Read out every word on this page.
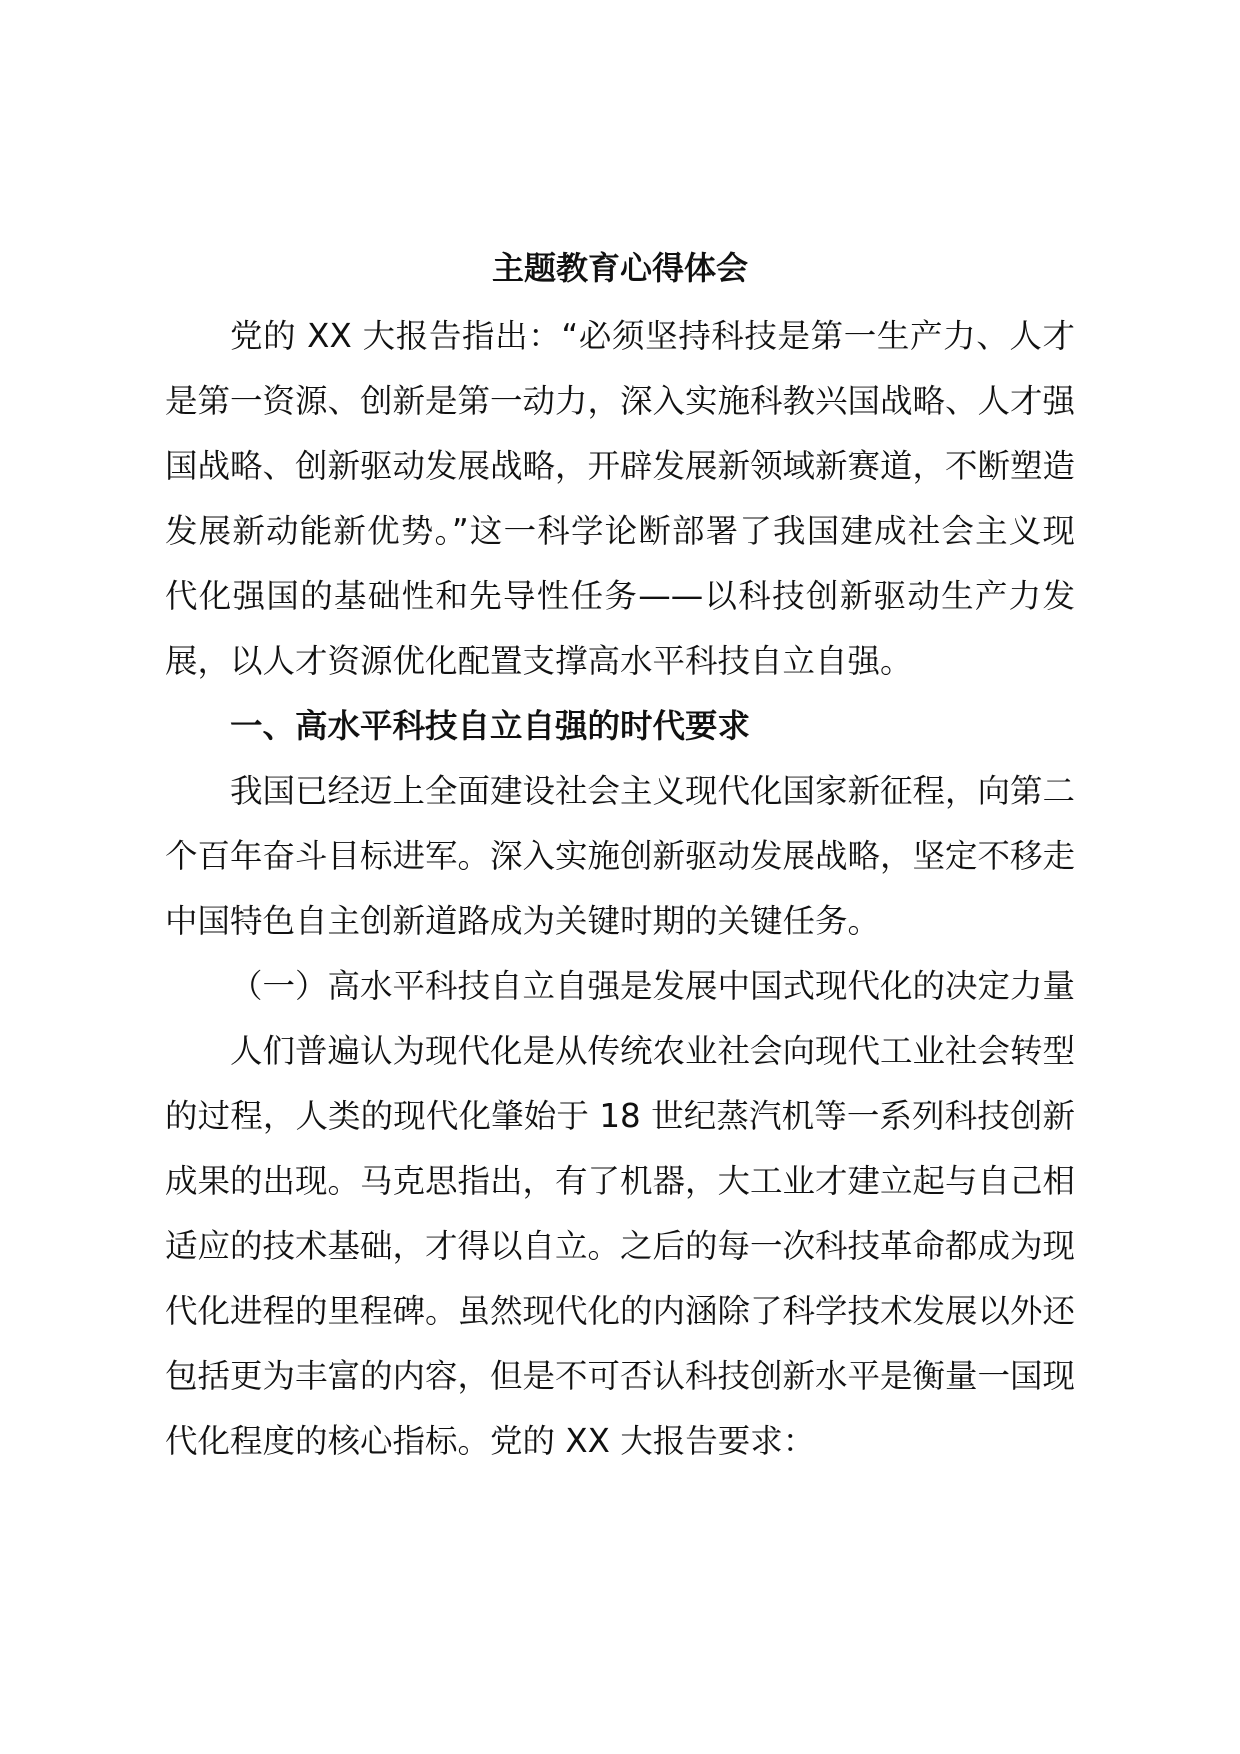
主题教育心得体会

党的 XX 大报告指出：“必须坚持科技是第一生产力、人才是第一资源、创新是第一动力，深入实施科教兴国战略、人才强国战略、创新驱动发展战略，开辟发展新领域新赛道，不断塑造发展新动能新优势。”这一科学论断部署了我国建成社会主义现代化强国的基础性和先导性任务——以科技创新驱动生产力发展，以人才资源优化配置支撑高水平科技自立自强。

一、高水平科技自立自强的时代要求

我国已经迈上全面建设社会主义现代化国家新征程，向第二个百年奋斗目标进军。深入实施创新驱动发展战略，坚定不移走中国特色自主创新道路成为关键时期的关键任务。

（一）高水平科技自立自强是发展中国式现代化的决定力量

人们普遍认为现代化是从传统农业社会向现代工业社会转型的过程，人类的现代化肇始于 18 世纪蒸汽机等一系列科技创新成果的出现。马克思指出，有了机器，大工业才建立起与自己相适应的技术基础，才得以自立。之后的每一次科技革命都成为现代化进程的里程碑。虽然现代化的内涵除了科学技术发展以外还包括更为丰富的内容，但是不可否认科技创新水平是衡量一国现代化程度的核心指标。党的 XX 大报告要求：
